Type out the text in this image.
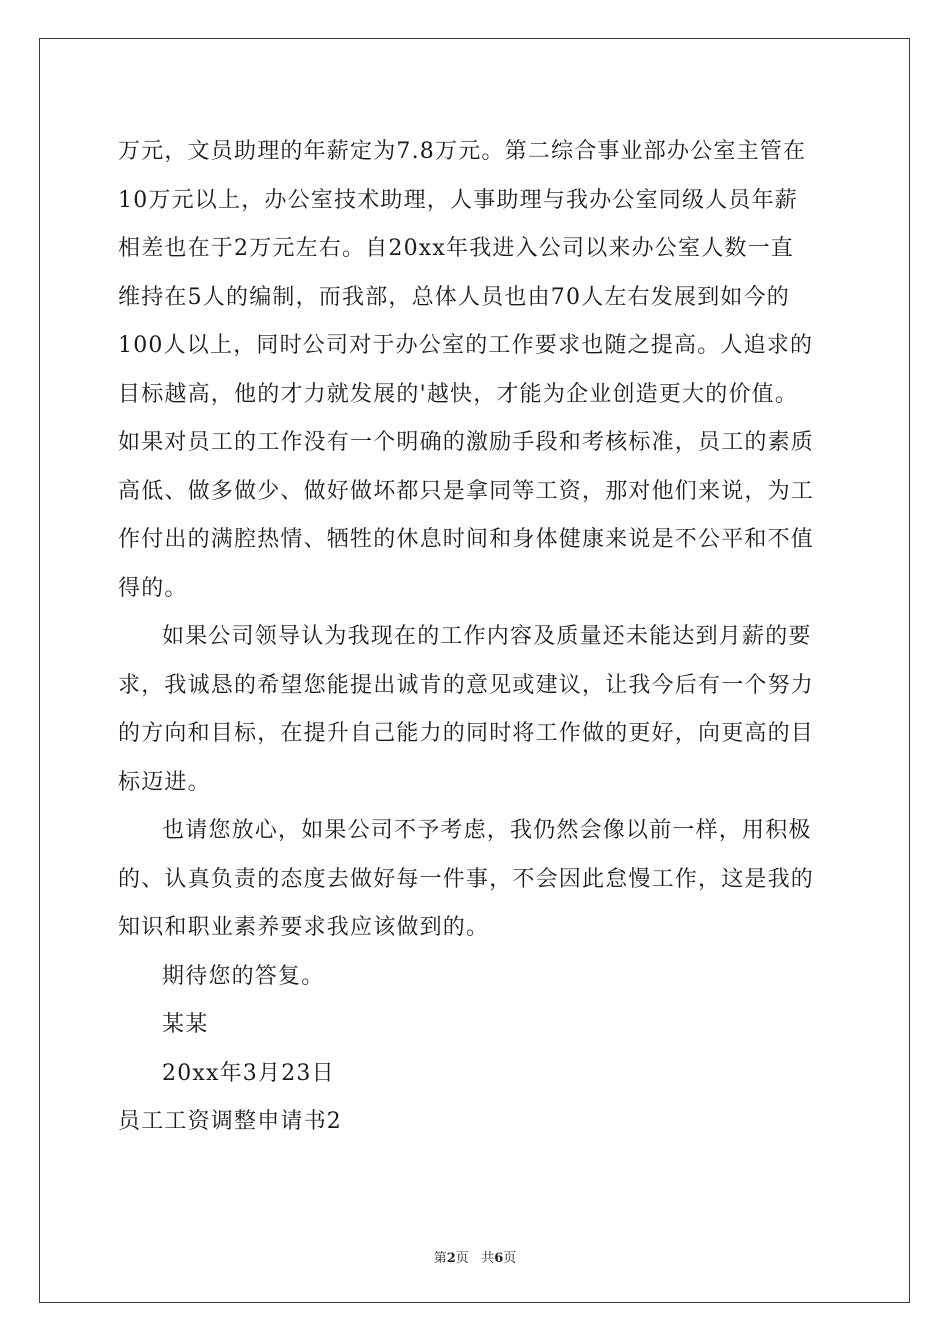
万元，文员助理的年薪定为7.8万元。第二综合事业部办公室主管在
10万元以上，办公室技术助理，人事助理与我办公室同级人员年薪
相差也在于2万元左右。自20xx年我进入公司以来办公室人数一直
维持在5人的编制，而我部，总体人员也由70人左右发展到如今的
100人以上，同时公司对于办公室的工作要求也随之提高。人追求的
目标越高，他的才力就发展的'越快，才能为企业创造更大的价值。
如果对员工的工作没有一个明确的激励手段和考核标准，员工的素质
高低、做多做少、做好做坏都只是拿同等工资，那对他们来说，为工
作付出的满腔热情、牺牲的休息时间和身体健康来说是不公平和不值
得的。
如果公司领导认为我现在的工作内容及质量还未能达到月薪的要
求，我诚恳的希望您能提出诚肯的意见或建议，让我今后有一个努力
的方向和目标，在提升自己能力的同时将工作做的更好，向更高的目
标迈进。
也请您放心，如果公司不予考虑，我仍然会像以前一样，用积极
的、认真负责的态度去做好每一件事，不会因此怠慢工作，这是我的
知识和职业素养要求我应该做到的。
期待您的答复。
某某
20xx年3月23日
员工工资调整申请书2
第2页 共6页
